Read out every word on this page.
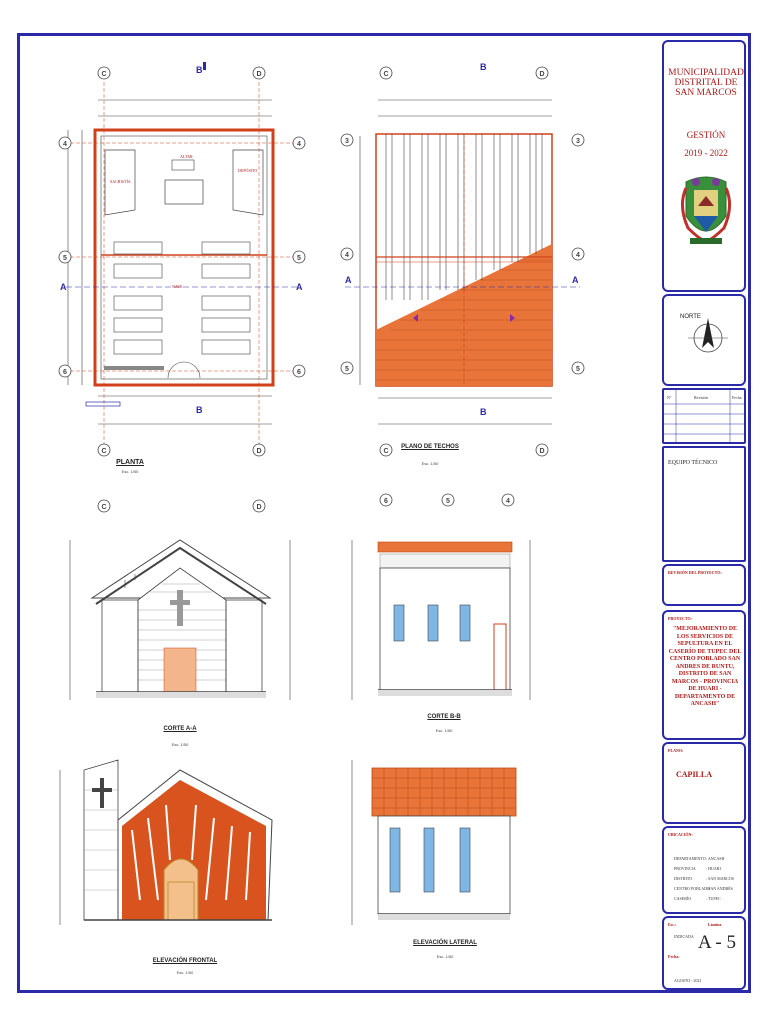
SACRISTÍA
ALTAR
DEPÓSITO
NAVE
C	D
C	D
4
5
6
4
5
6
B
B
A	A
C	D
C	D
3
4
5
3
4
5
B
B
A	A
C	D
6	5	4
PLANTA
Esc. 1/50
PLANO DE TECHOS
Esc. 1/50
CORTE A-A
Esc. 1/50
CORTE B-B
Esc. 1/50
ELEVACIÓN FRONTAL
Esc. 1/50
ELEVACIÓN LATERAL
Esc. 1/50
MUNICIPALIDAD DISTRITAL DE SAN MARCOS
GESTIÓN
2019 - 2022
NORTE
N°	Revisión	Fecha
EQUIPO TÉCNICO
REVISIÓN DEL PROYECTO:
PROYECTO:
"MEJORAMIENTO DE LOS SERVICIOS DE SEPULTURA EN EL CASERÍO DE TUPEC DEL CENTRO POBLADO SAN ANDRES DE RUNTU, DISTRITO DE SAN MARCOS - PROVINCIA DE HUARI - DEPARTAMENTO DE ANCASH"
PLANO:
CAPILLA
UBICACIÓN:
DEPARTAMENTO : ANCASH
PROVINCIA	: HUARI
DISTRITO	: SAN MARCOS
CENTRO POBLADO
: SAN ANDRÉS
CASERÍO	: TUPEC
Esc.:	Lámina
INDICADA
Fecha:
AGOSTO - 2021
A - 5
